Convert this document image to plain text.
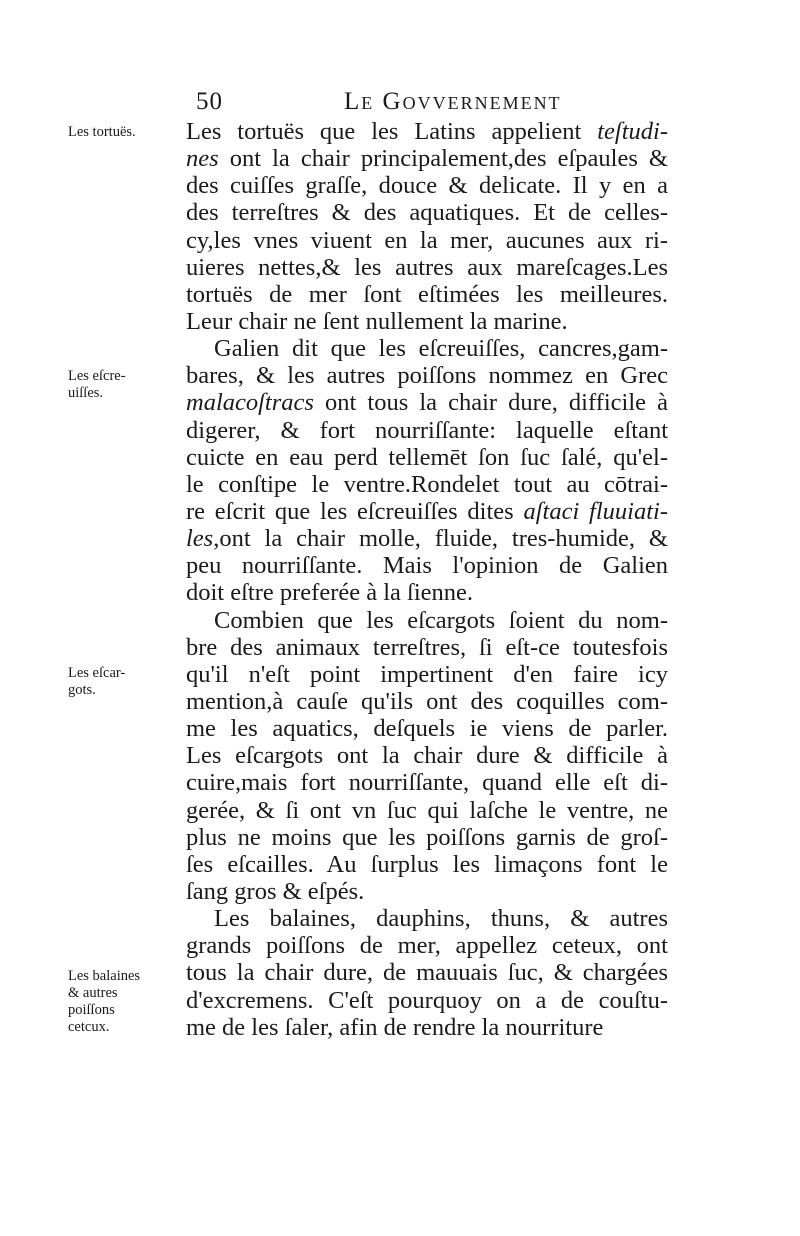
50	Le Govvernement
Les tortuës.
Les eſcre-
uiſſes.
Les eſcar-
gots.
Les balaines
& autres
poiſſons
cetcux.
Les tortuës que les Latins appelient teſtudi-
nes ont la chair principalement,des eſpaules &
des cuiſſes graſſe, douce & delicate. Il y en a
des terreſtres & des aquatiques. Et de celles-
cy,les vnes viuent en la mer, aucunes aux ri-
uieres nettes,& les autres aux mareſcages.Les
tortuës de mer ſont eſtimées les meilleures.
Leur chair ne ſent nullement la marine.
Galien dit que les eſcreuiſſes, cancres,gam-
bares, & les autres poiſſons nommez en Grec
malacoſtracs ont tous la chair dure, difficile à
digerer, & fort nourriſſante: laquelle eſtant
cuicte en eau perd tellemēt ſon ſuc ſalé, qu'el-
le conſtipe le ventre.Rondelet tout au cōtrai-
re eſcrit que les eſcreuiſſes dites aſtaci fluuiati-
les,ont la chair molle, fluide, tres-humide, &
peu nourriſſante. Mais l'opinion de Galien
doit eſtre preferée à la ſienne.
Combien que les eſcargots ſoient du nom-
bre des animaux terreſtres, ſi eſt-ce toutesfois
qu'il n'eſt point impertinent d'en faire icy
mention,à cauſe qu'ils ont des coquilles com-
me les aquatics, deſquels ie viens de parler.
Les eſcargots ont la chair dure & difficile à
cuire,mais fort nourriſſante, quand elle eſt di-
gerée, & ſi ont vn ſuc qui laſche le ventre, ne
plus ne moins que les poiſſons garnis de groſ-
ſes eſcailles. Au ſurplus les limaçons font le
ſang gros & eſpés.
Les balaines, dauphins, thuns, & autres
grands poiſſons de mer, appellez ceteux, ont
tous la chair dure, de mauuais ſuc, & chargées
d'excremens. C'eſt pourquoy on a de couſtu-
me de les ſaler, afin de rendre la nourriture
